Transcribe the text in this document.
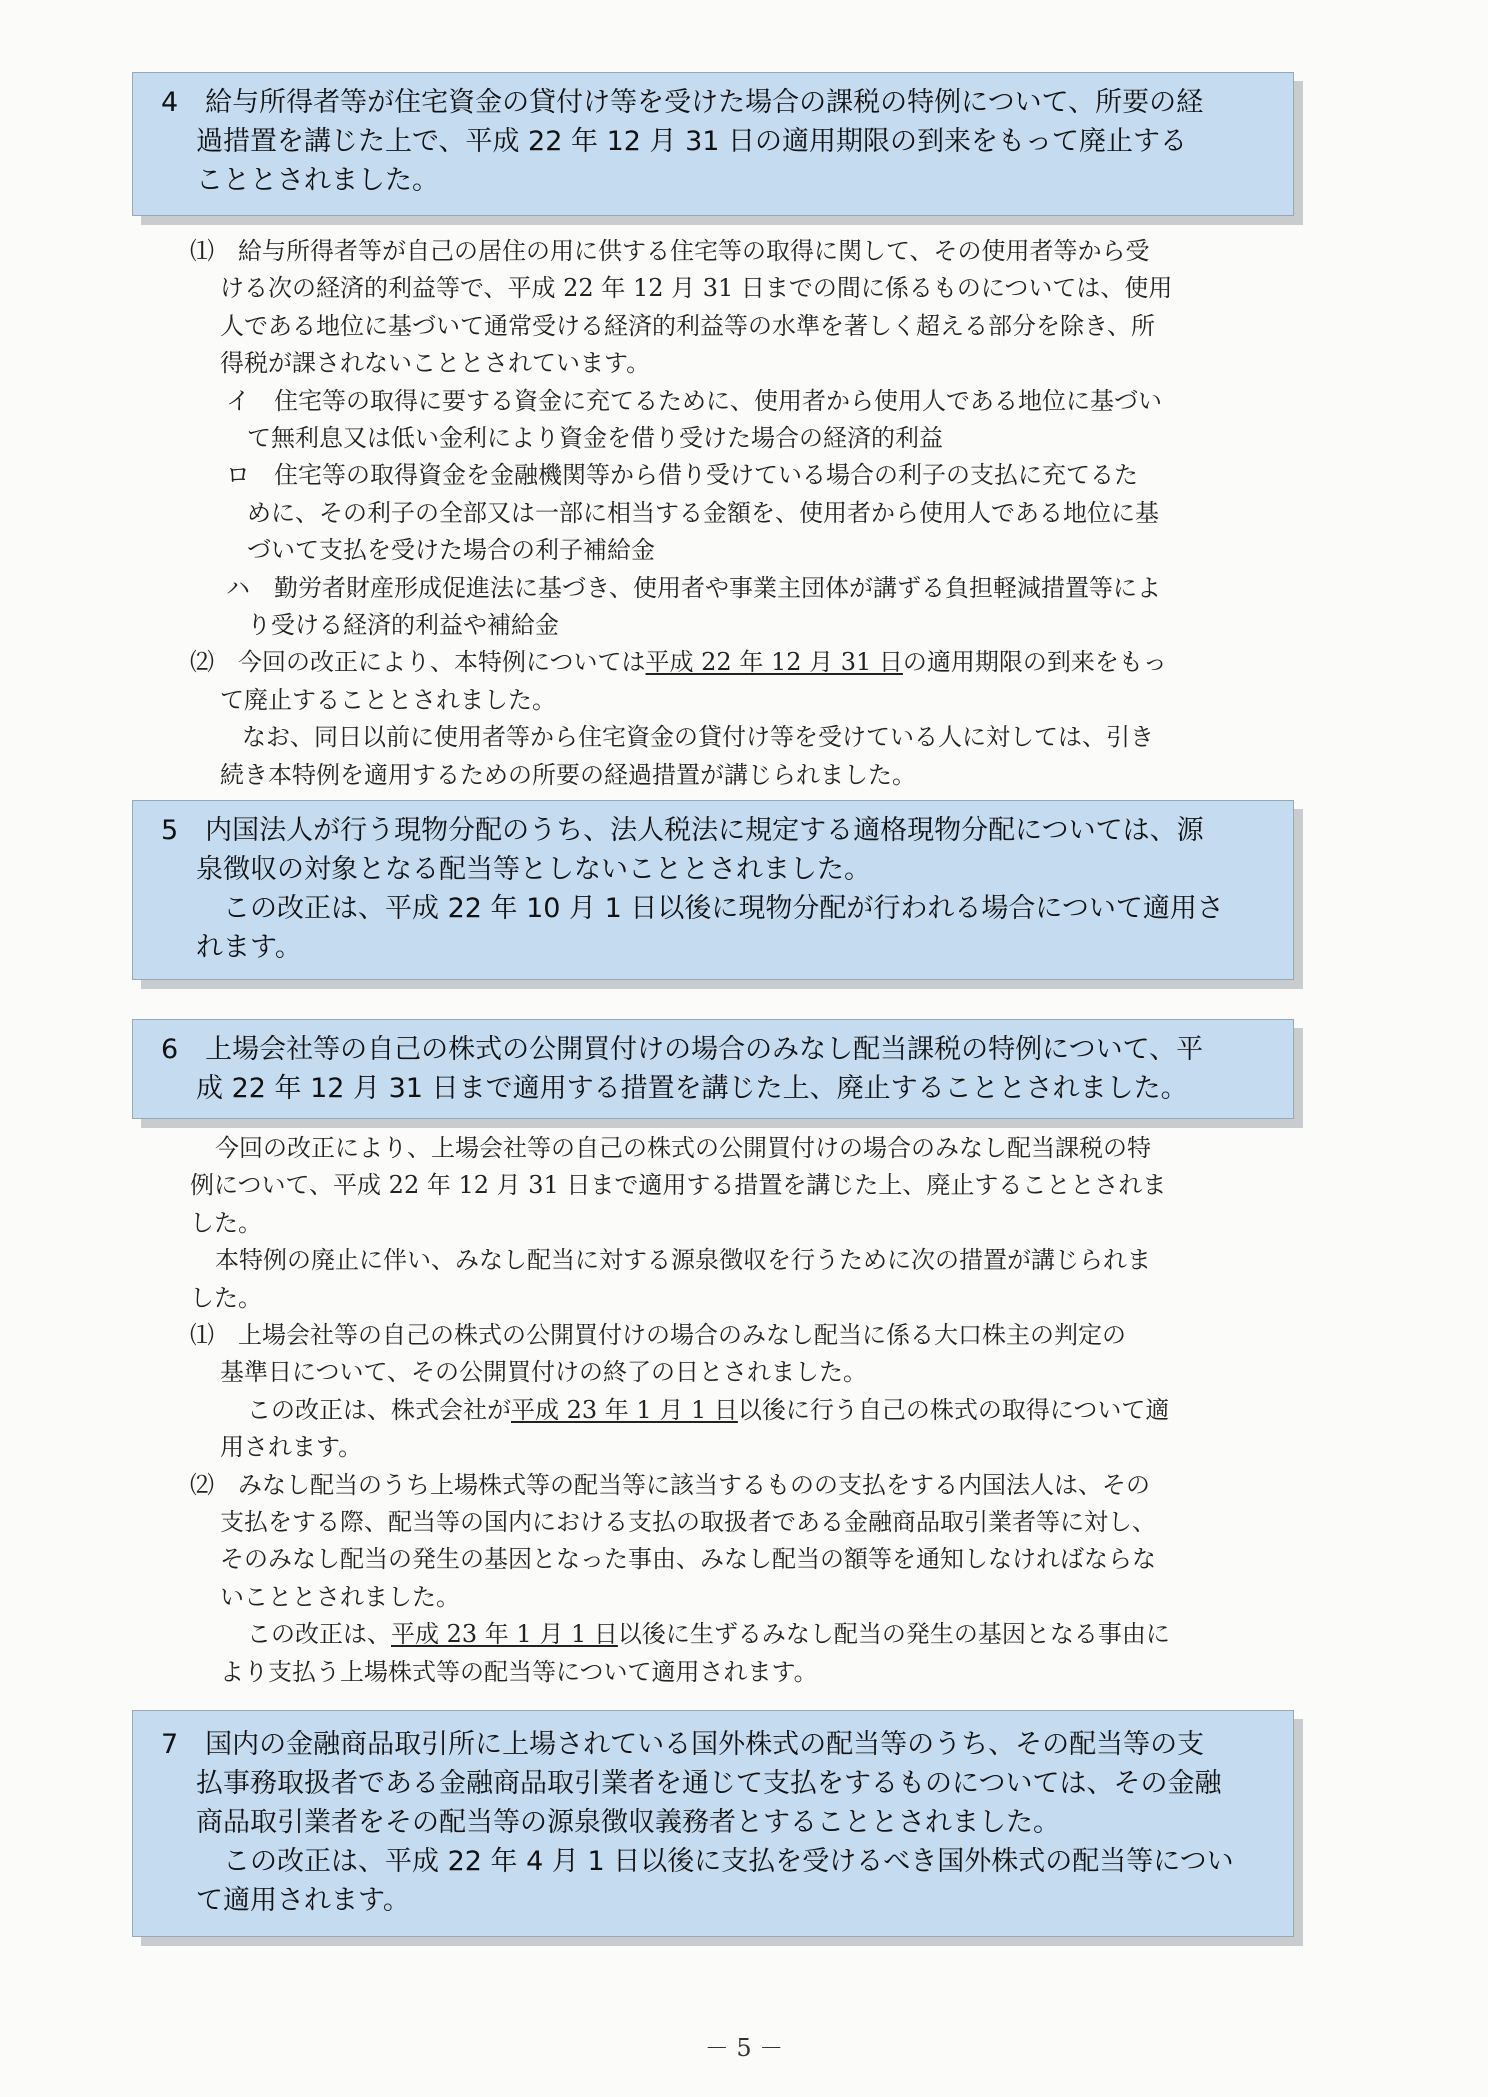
4　給与所得者等が住宅資金の貸付け等を受けた場合の課税の特例について、所要の経
過措置を講じた上で、平成 22 年 12 月 31 日の適用期限の到来をもって廃止する
こととされました。
⑴　給与所得者等が自己の居住の用に供する住宅等の取得に関して、その使用者等から受
ける次の経済的利益等で、平成 22 年 12 月 31 日までの間に係るものについては、使用
人である地位に基づいて通常受ける経済的利益等の水準を著しく超える部分を除き、所
得税が課されないこととされています。
イ　住宅等の取得に要する資金に充てるために、使用者から使用人である地位に基づい
て無利息又は低い金利により資金を借り受けた場合の経済的利益
ロ　住宅等の取得資金を金融機関等から借り受けている場合の利子の支払に充てるた
めに、その利子の全部又は一部に相当する金額を、使用者から使用人である地位に基
づいて支払を受けた場合の利子補給金
ハ　勤労者財産形成促進法に基づき、使用者や事業主団体が講ずる負担軽減措置等によ
り受ける経済的利益や補給金
⑵　今回の改正により、本特例については平成 22 年 12 月 31 日の適用期限の到来をもっ
て廃止することとされました。
なお、同日以前に使用者等から住宅資金の貸付け等を受けている人に対しては、引き
続き本特例を適用するための所要の経過措置が講じられました。
5　内国法人が行う現物分配のうち、法人税法に規定する適格現物分配については、源
泉徴収の対象となる配当等としないこととされました。
この改正は、平成 22 年 10 月 1 日以後に現物分配が行われる場合について適用さ
れます。
6　上場会社等の自己の株式の公開買付けの場合のみなし配当課税の特例について、平
成 22 年 12 月 31 日まで適用する措置を講じた上、廃止することとされました。
今回の改正により、上場会社等の自己の株式の公開買付けの場合のみなし配当課税の特
例について、平成 22 年 12 月 31 日まで適用する措置を講じた上、廃止することとされま
した。
本特例の廃止に伴い、みなし配当に対する源泉徴収を行うために次の措置が講じられま
した。
⑴　上場会社等の自己の株式の公開買付けの場合のみなし配当に係る大口株主の判定の
基準日について、その公開買付けの終了の日とされました。
この改正は、株式会社が平成 23 年 1 月 1 日以後に行う自己の株式の取得について適
用されます。
⑵　みなし配当のうち上場株式等の配当等に該当するものの支払をする内国法人は、その
支払をする際、配当等の国内における支払の取扱者である金融商品取引業者等に対し、
そのみなし配当の発生の基因となった事由、みなし配当の額等を通知しなければならな
いこととされました。
この改正は、平成 23 年 1 月 1 日以後に生ずるみなし配当の発生の基因となる事由に
より支払う上場株式等の配当等について適用されます。
7　国内の金融商品取引所に上場されている国外株式の配当等のうち、その配当等の支
払事務取扱者である金融商品取引業者を通じて支払をするものについては、その金融
商品取引業者をその配当等の源泉徴収義務者とすることとされました。
この改正は、平成 22 年 4 月 1 日以後に支払を受けるべき国外株式の配当等につい
て適用されます。
－ 5 －
